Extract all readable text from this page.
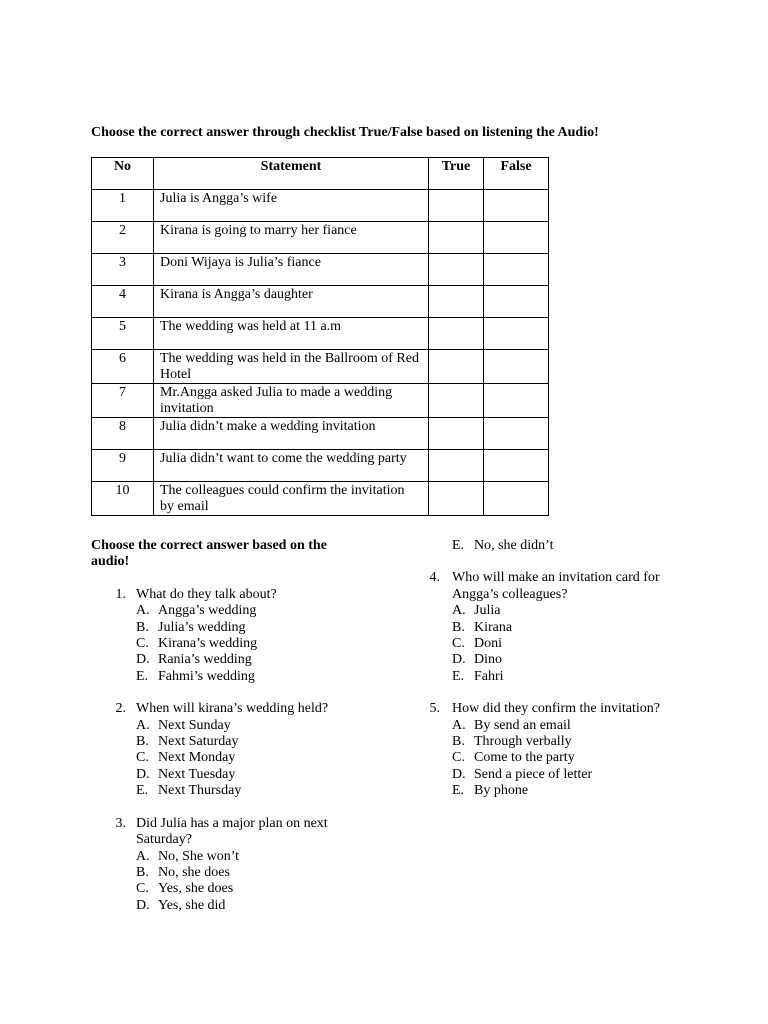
Choose the correct answer through checklist True/False based on listening the Audio!
No	Statement	True	False
1	Julia is Angga’s wife		
2	Kirana is going to marry her fiance		
3	Doni Wijaya is Julia’s fiance		
4	Kirana is Angga’s daughter		
5	The wedding was held at 11 a.m		
6	The wedding was held in the Ballroom of Red Hotel		
7	Mr.Angga asked Julia to made a wedding invitation		
8	Julia didn’t make a wedding invitation		
9	Julia didn’t want to come the wedding party		
10	The colleagues could confirm the invitation by email		
Choose the correct answer based on the audio!
1. What do they talk about?
A. Angga’s wedding
B. Julia’s wedding
C. Kirana’s wedding
D. Rania’s wedding
E. Fahmi’s wedding
2. When will kirana’s wedding held?
A. Next Sunday
B. Next Saturday
C. Next Monday
D. Next Tuesday
E. Next Thursday
3. Did Julia has a major plan on next Saturday?
A. No, She won’t
B. No, she does
C. Yes, she does
D. Yes, she did
E. No, she didn’t
4. Who will make an invitation card for Angga’s colleagues?
A. Julia
B. Kirana
C. Doni
D. Dino
E. Fahri
5. How did they confirm the invitation?
A. By send an email
B. Through verbally
C. Come to the party
D. Send a piece of letter
E. By phone
